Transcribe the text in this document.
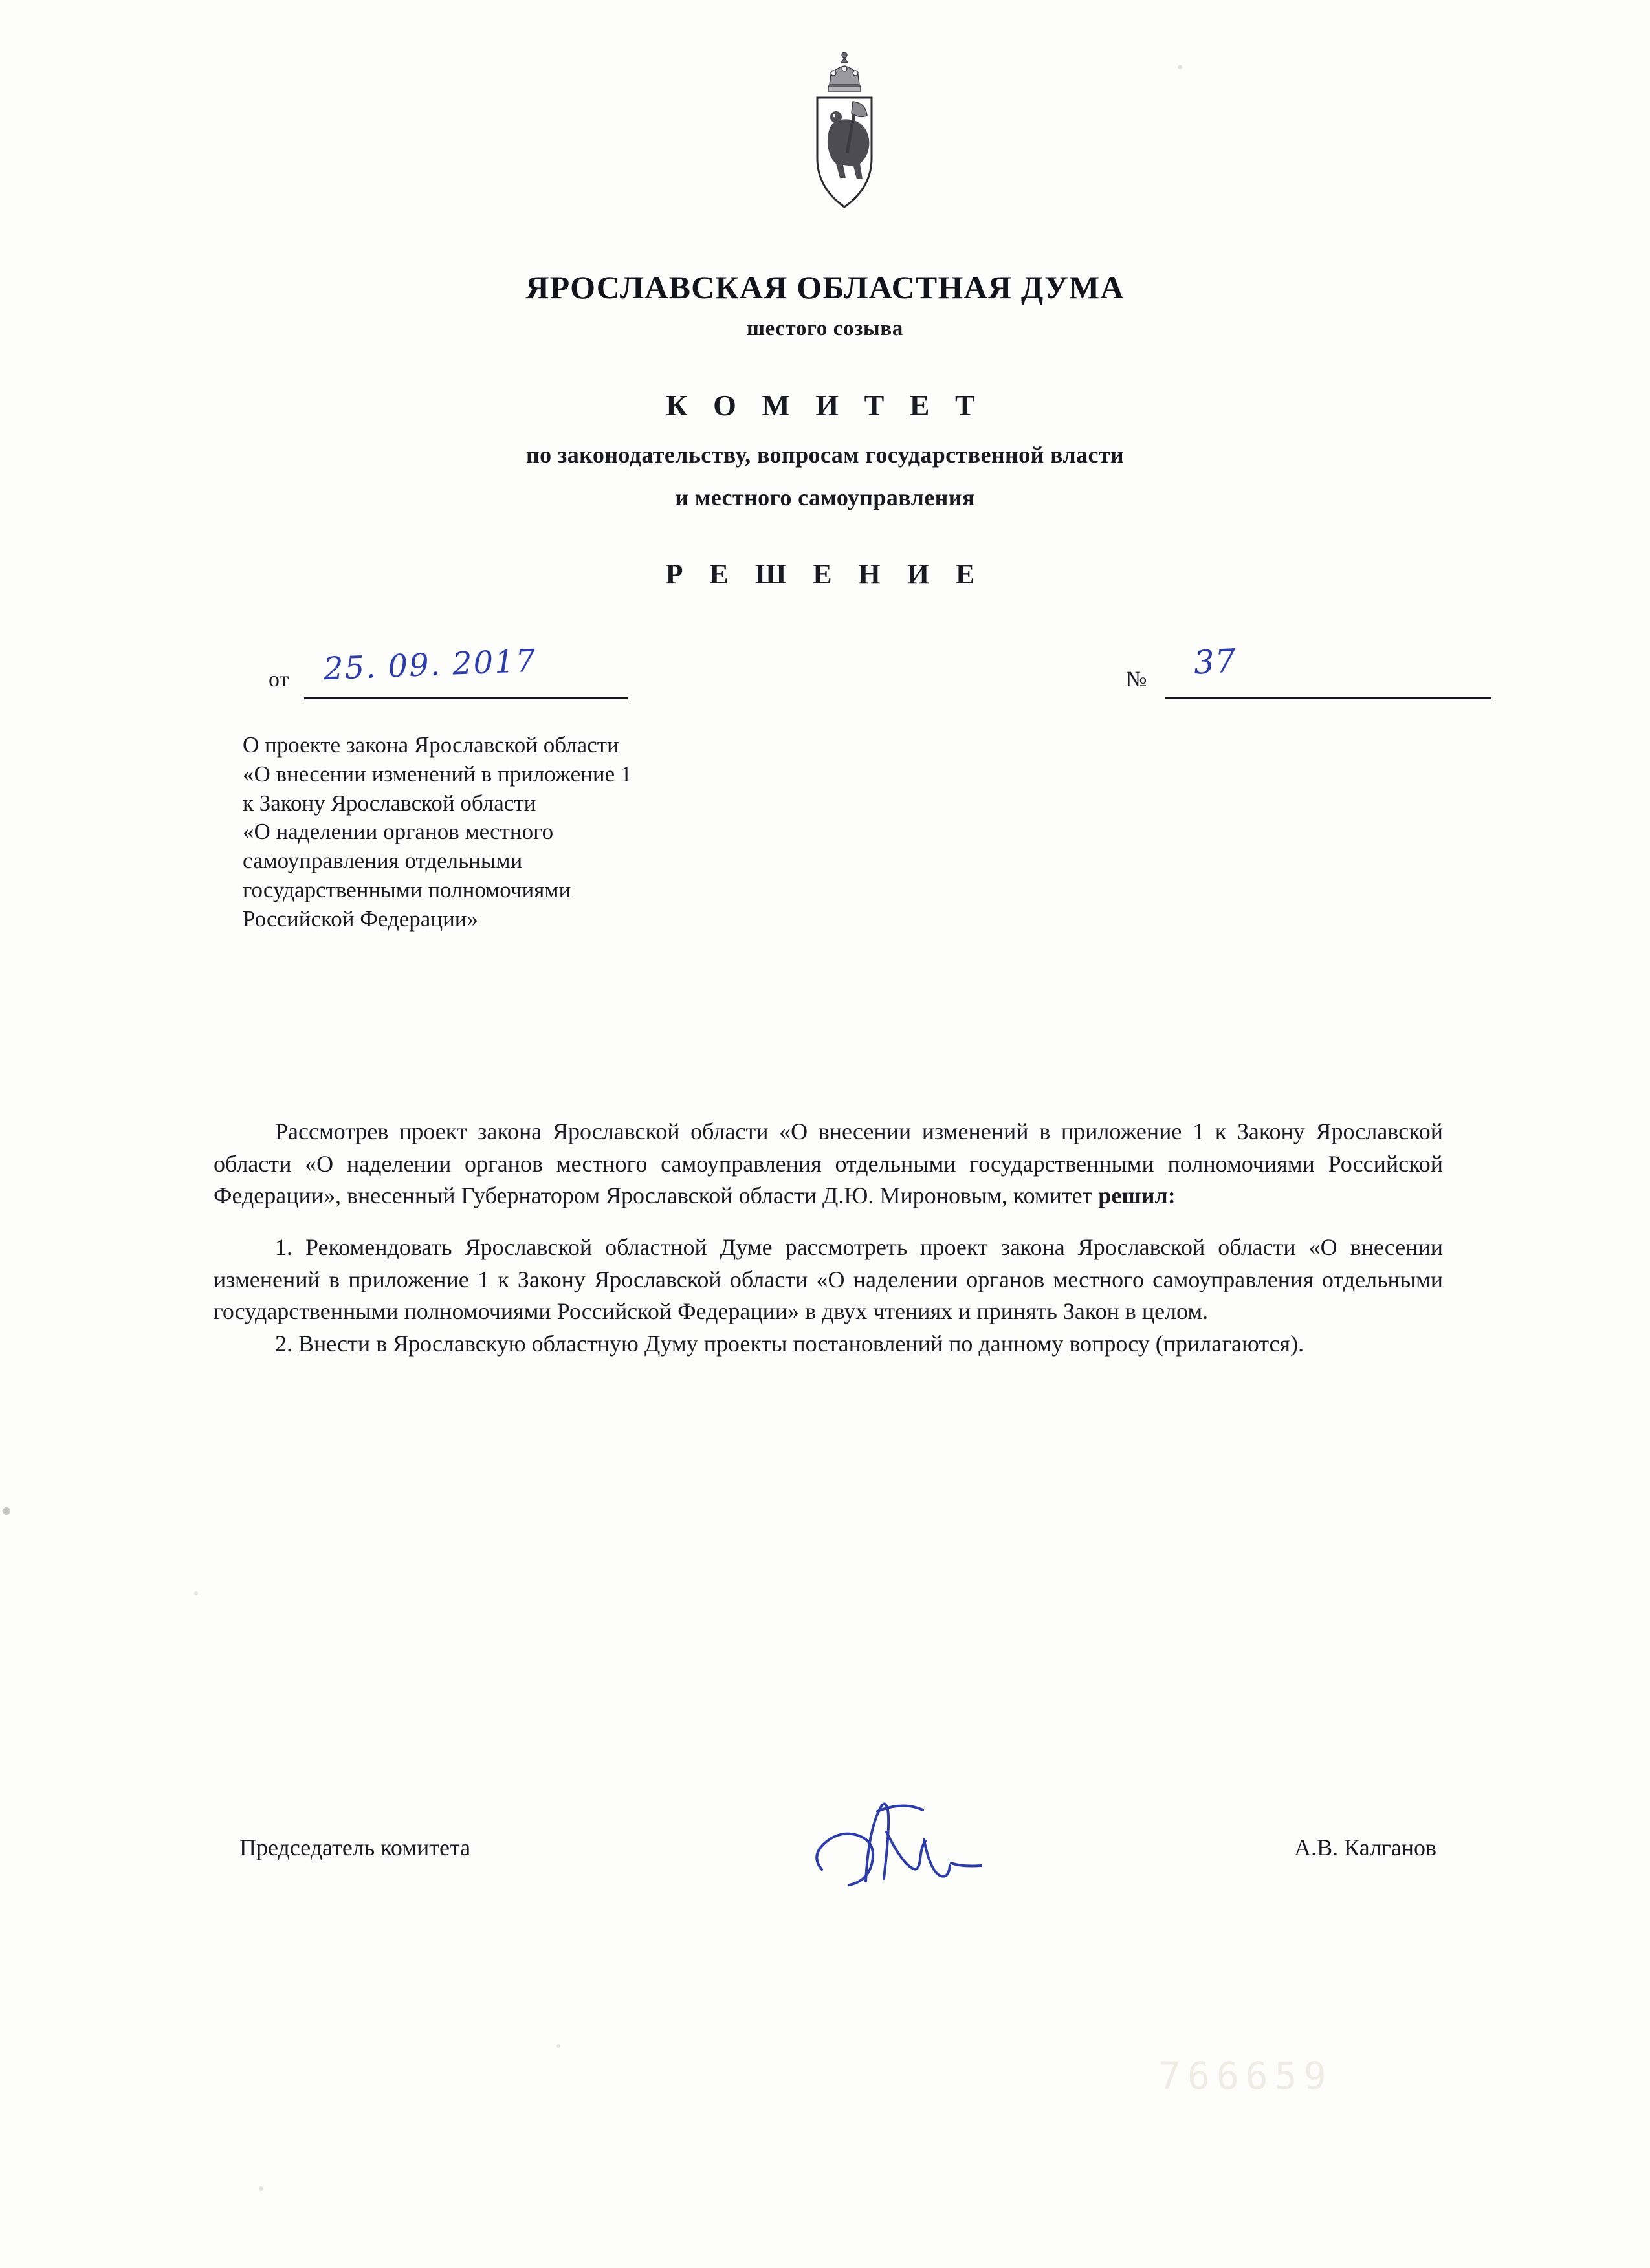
ЯРОСЛАВСКАЯ ОБЛАСТНАЯ ДУМА
шестого созыва
К О М И Т Е Т
по законодательству, вопросам государственной власти
и местного самоуправления
Р Е Ш Е Н И Е
от 25. 09. 2017	№ 37
О проекте закона Ярославской области
«О внесении изменений в приложение 1
к Закону Ярославской области
«О наделении органов местного
самоуправления отдельными
государственными полномочиями
Российской Федерации»

Рассмотрев проект закона Ярославской области «О внесении изменений в приложение 1 к Закону Ярославской области «О наделении органов местного самоуправления отдельными государственными полномочиями Российской Федерации», внесенный Губернатором Ярославской области Д.Ю. Мироновым, комитет решил:

1. Рекомендовать Ярославской областной Думе рассмотреть проект закона Ярославской области «О внесении изменений в приложение 1 к Закону Ярославской области «О наделении органов местного самоуправления отдельными государственными полномочиями Российской Федерации» в двух чтениях и принять Закон в целом.

2. Внести в Ярославскую областную Думу проекты постановлений по данному вопросу (прилагаются).

Председатель комитета	А.В. Калганов
766659
